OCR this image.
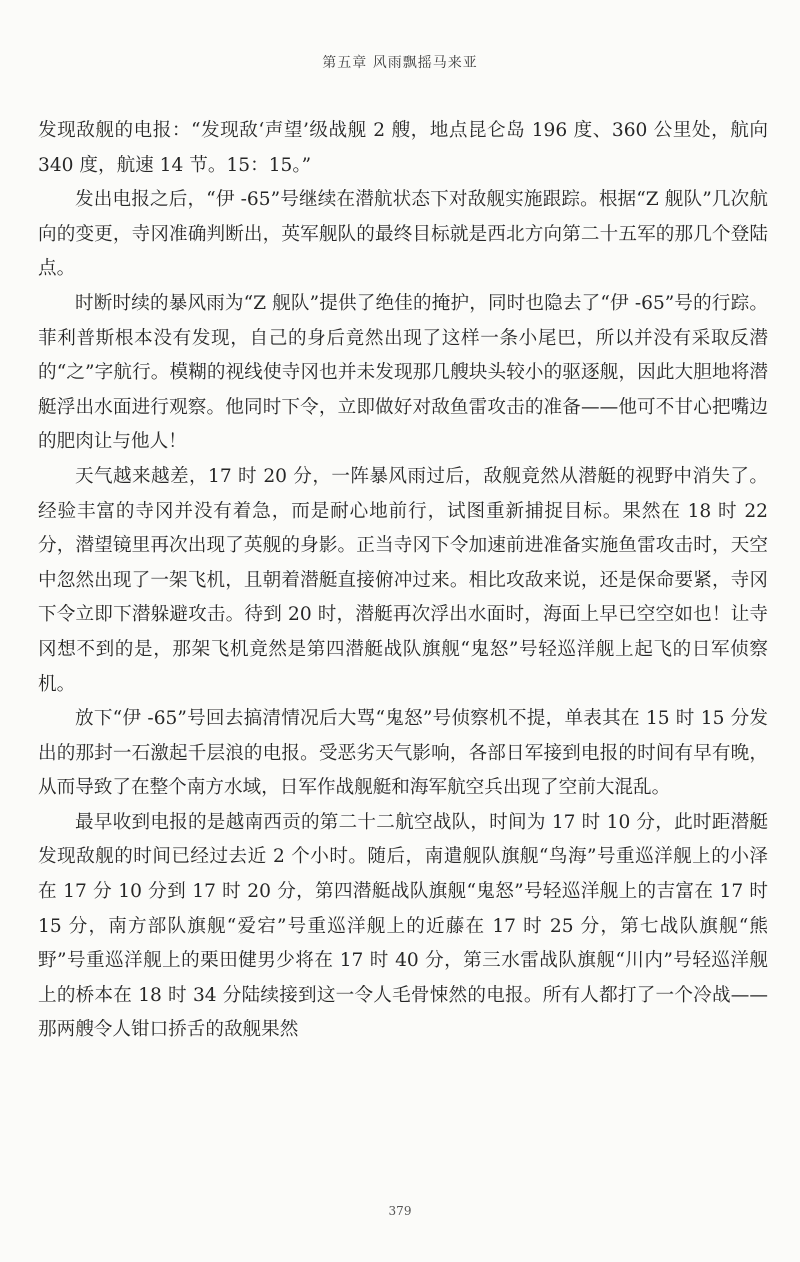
第五章 风雨飘摇马来亚

发现敌舰的电报：“发现敌‘声望’级战舰 2 艘，地点昆仑岛 196 度、360 公里处，航向 340 度，航速 14 节。15：15。”

发出电报之后，“伊 -65”号继续在潜航状态下对敌舰实施跟踪。根据“Z 舰队”几次航向的变更，寺冈准确判断出，英军舰队的最终目标就是西北方向第二十五军的那几个登陆点。

时断时续的暴风雨为“Z 舰队”提供了绝佳的掩护，同时也隐去了“伊 -65”号的行踪。菲利普斯根本没有发现，自己的身后竟然出现了这样一条小尾巴，所以并没有采取反潜的“之”字航行。模糊的视线使寺冈也并未发现那几艘块头较小的驱逐舰，因此大胆地将潜艇浮出水面进行观察。他同时下令，立即做好对敌鱼雷攻击的准备——他可不甘心把嘴边的肥肉让与他人！

天气越来越差，17 时 20 分，一阵暴风雨过后，敌舰竟然从潜艇的视野中消失了。经验丰富的寺冈并没有着急，而是耐心地前行，试图重新捕捉目标。果然在 18 时 22 分，潜望镜里再次出现了英舰的身影。正当寺冈下令加速前进准备实施鱼雷攻击时，天空中忽然出现了一架飞机，且朝着潜艇直接俯冲过来。相比攻敌来说，还是保命要紧，寺冈下令立即下潜躲避攻击。待到 20 时，潜艇再次浮出水面时，海面上早已空空如也！让寺冈想不到的是，那架飞机竟然是第四潜艇战队旗舰“鬼怒”号轻巡洋舰上起飞的日军侦察机。

放下“伊 -65”号回去搞清情况后大骂“鬼怒”号侦察机不提，单表其在 15 时 15 分发出的那封一石激起千层浪的电报。受恶劣天气影响，各部日军接到电报的时间有早有晚，从而导致了在整个南方水域，日军作战舰艇和海军航空兵出现了空前大混乱。

最早收到电报的是越南西贡的第二十二航空战队，时间为 17 时 10 分，此时距潜艇发现敌舰的时间已经过去近 2 个小时。随后，南遣舰队旗舰“鸟海”号重巡洋舰上的小泽在 17 分 10 分到 17 时 20 分，第四潜艇战队旗舰“鬼怒”号轻巡洋舰上的吉富在 17 时 15 分，南方部队旗舰“爱宕”号重巡洋舰上的近藤在 17 时 25 分，第七战队旗舰“熊野”号重巡洋舰上的栗田健男少将在 17 时 40 分，第三水雷战队旗舰“川内”号轻巡洋舰上的桥本在 18 时 34 分陆续接到这一令人毛骨悚然的电报。所有人都打了一个冷战——那两艘令人钳口挢舌的敌舰果然

379
